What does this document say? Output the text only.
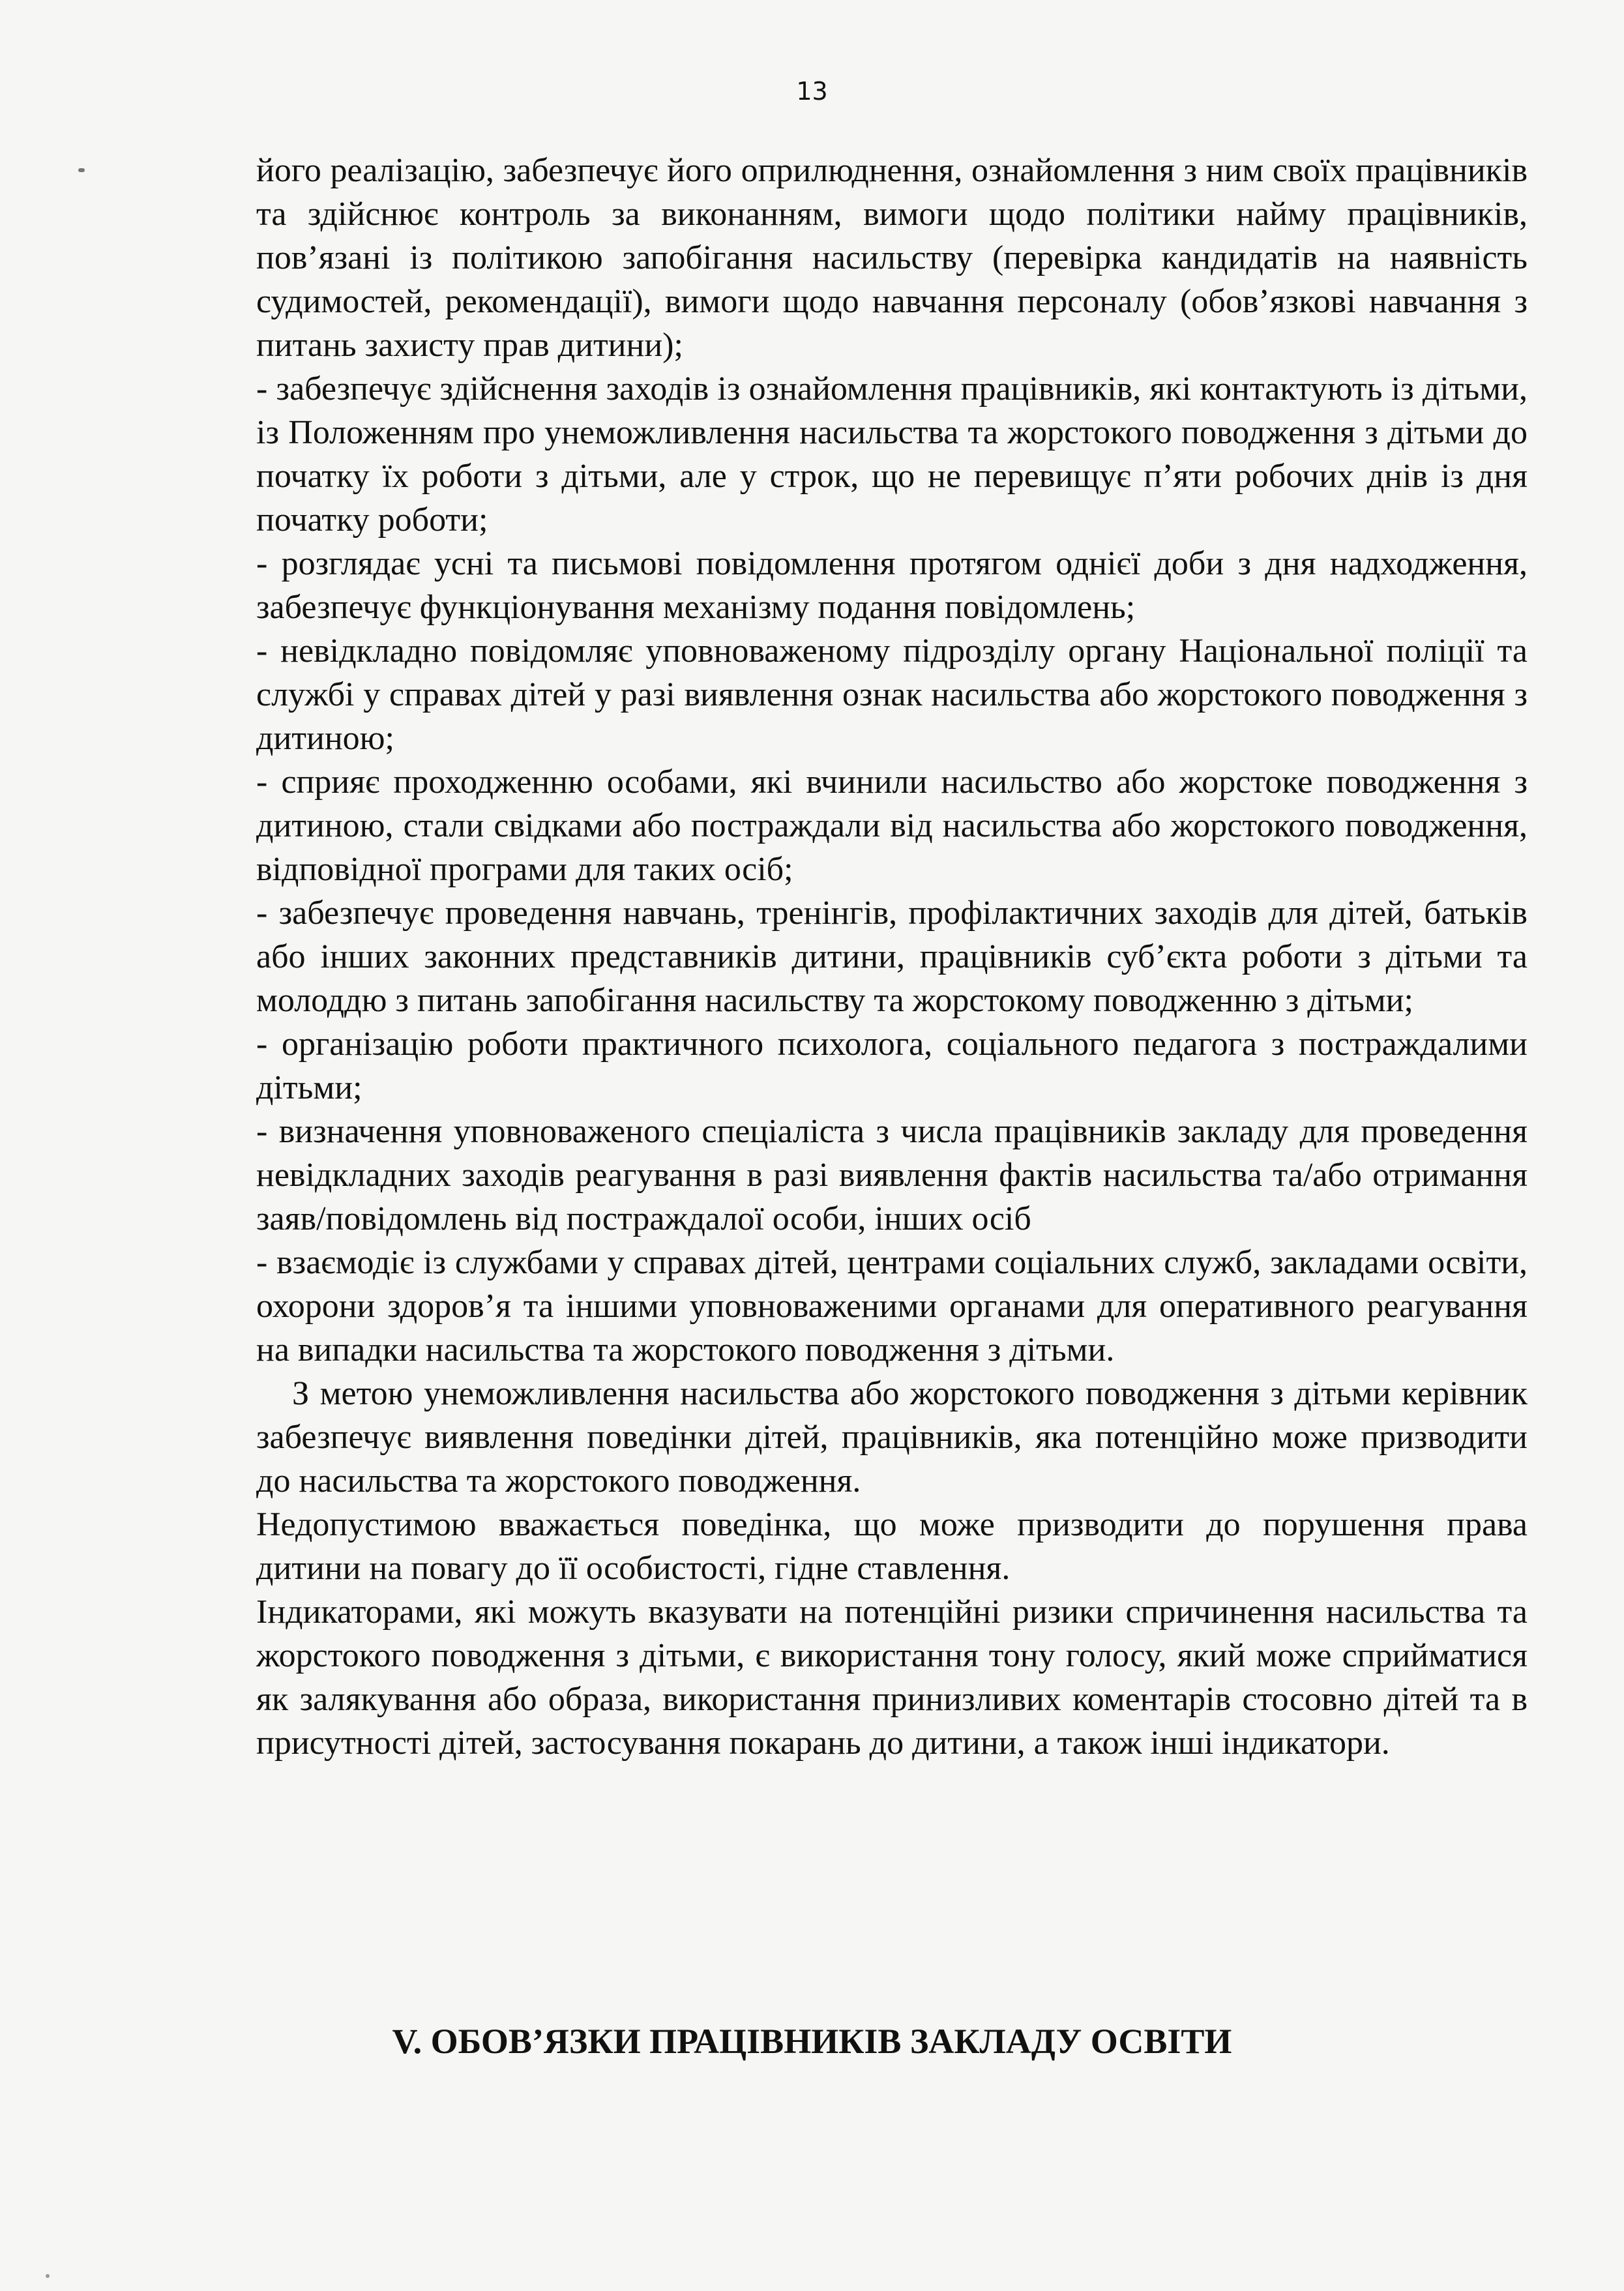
13

його реалізацію, забезпечує його оприлюднення, ознайомлення з ним своїх працівників та здійснює контроль за виконанням, вимоги щодо політики найму працівників, пов’язані із політикою запобігання насильству (перевірка кандидатів на наявність судимостей, рекомендації), вимоги щодо навчання персоналу (обов’язкові навчання з питань захисту прав дитини);

- забезпечує здійснення заходів із ознайомлення працівників, які контактують із дітьми, із Положенням про унеможливлення насильства та жорстокого поводження з дітьми до початку їх роботи з дітьми, але у строк, що не перевищує п’яти робочих днів із дня початку роботи;

- розглядає усні та письмові повідомлення протягом однієї доби з дня надходження, забезпечує функціонування механізму подання повідомлень;

- невідкладно повідомляє уповноваженому підрозділу органу Національної поліції та службі у справах дітей у разі виявлення ознак насильства або жорстокого поводження з дитиною;

- сприяє проходженню особами, які вчинили насильство або жорстоке поводження з дитиною, стали свідками або постраждали від насильства або жорстокого поводження, відповідної програми для таких осіб;

- забезпечує проведення навчань, тренінгів, профілактичних заходів для дітей, батьків або інших законних представників дитини, працівників суб’єкта роботи з дітьми та молоддю з питань запобігання насильству та жорстокому поводженню з дітьми;

- організацію роботи практичного психолога, соціального педагога з постраждалими дітьми;

- визначення уповноваженого спеціаліста з числа працівників закладу для проведення невідкладних заходів реагування в разі виявлення фактів насильства та/або отримання заяв/повідомлень від постраждалої особи, інших осіб

- взаємодіє із службами у справах дітей, центрами соціальних служб, закладами освіти, охорони здоров’я та іншими уповноваженими органами для оперативного реагування на випадки насильства та жорстокого поводження з дітьми.

З метою унеможливлення насильства або жорстокого поводження з дітьми керівник забезпечує виявлення поведінки дітей, працівників, яка потенційно може призводити до насильства та жорстокого поводження.

Недопустимою вважається поведінка, що може призводити до порушення права дитини на повагу до її особистості, гідне ставлення.

Індикаторами, які можуть вказувати на потенційні ризики спричинення насильства та жорстокого поводження з дітьми, є використання тону голосу, який може сприйматися як залякування або образа, використання принизливих коментарів стосовно дітей та в присутності дітей, застосування покарань до дитини, а також інші індикатори.

V. ОБОВ’ЯЗКИ ПРАЦІВНИКІВ ЗАКЛАДУ ОСВІТИ
